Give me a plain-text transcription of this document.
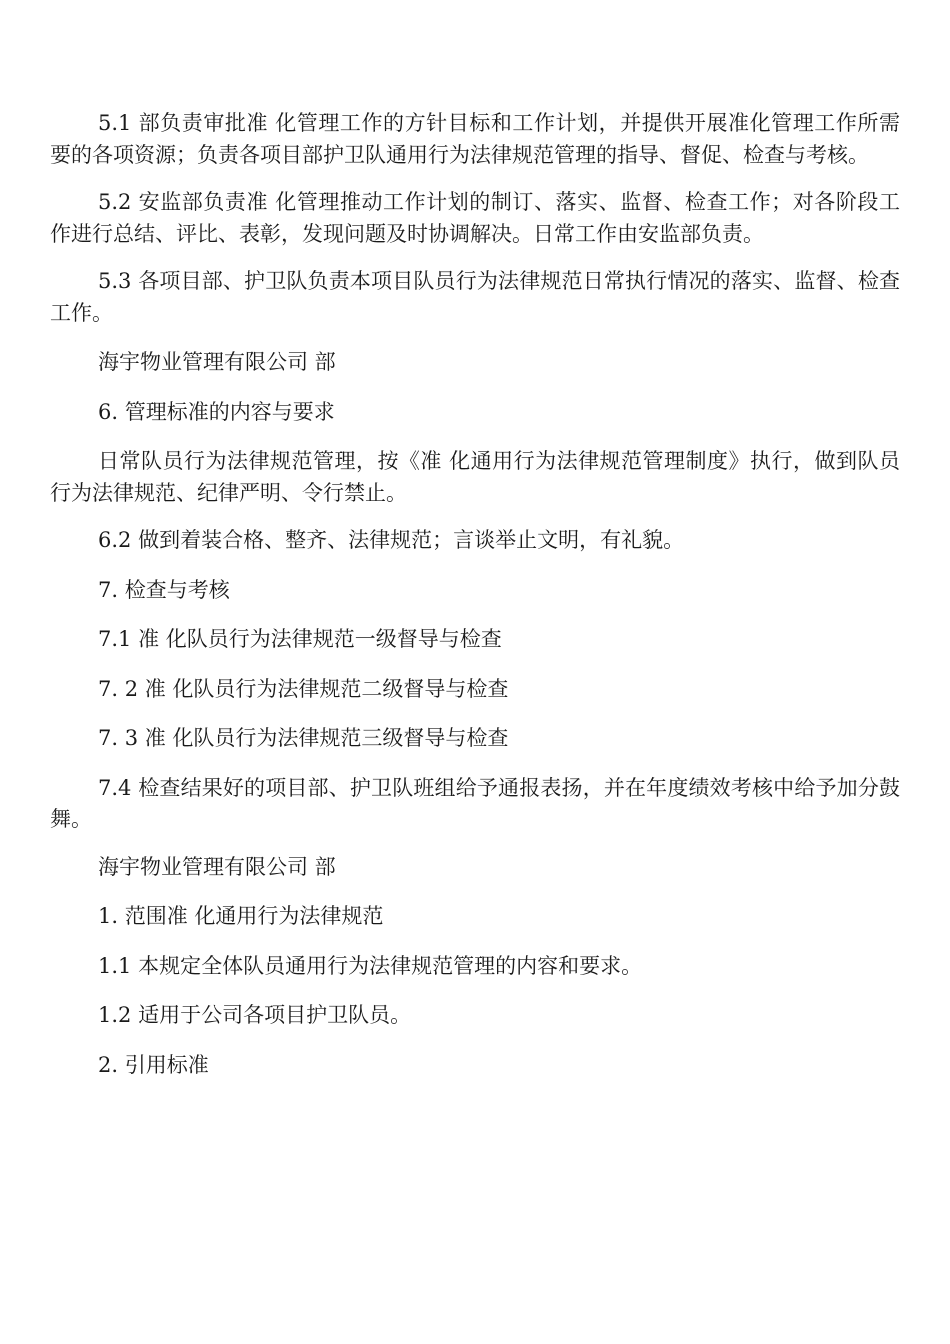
5.1 部负责审批准 化管理工作的方针目标和工作计划，并提供开展准化管理工作所需要的各项资源；负责各项目部护卫队通用行为法律规范管理的指导、督促、检查与考核。

5.2 安监部负责准 化管理推动工作计划的制订、落实、监督、检查工作；对各阶段工作进行总结、评比、表彰，发现问题及时协调解决。日常工作由安监部负责。

5.3 各项目部、护卫队负责本项目队员行为法律规范日常执行情况的落实、监督、检查工作。

海宇物业管理有限公司 部

6. 管理标准的内容与要求

日常队员行为法律规范管理，按《准 化通用行为法律规范管理制度》执行，做到队员行为法律规范、纪律严明、令行禁止。

6.2 做到着装合格、整齐、法律规范；言谈举止文明，有礼貌。

7. 检查与考核

7.1 准 化队员行为法律规范一级督导与检查

7. 2 准 化队员行为法律规范二级督导与检查

7. 3 准 化队员行为法律规范三级督导与检查

7.4 检查结果好的项目部、护卫队班组给予通报表扬，并在年度绩效考核中给予加分鼓舞。

海宇物业管理有限公司 部

1. 范围准 化通用行为法律规范

1.1 本规定全体队员通用行为法律规范管理的内容和要求。

1.2 适用于公司各项目护卫队员。

2. 引用标准
